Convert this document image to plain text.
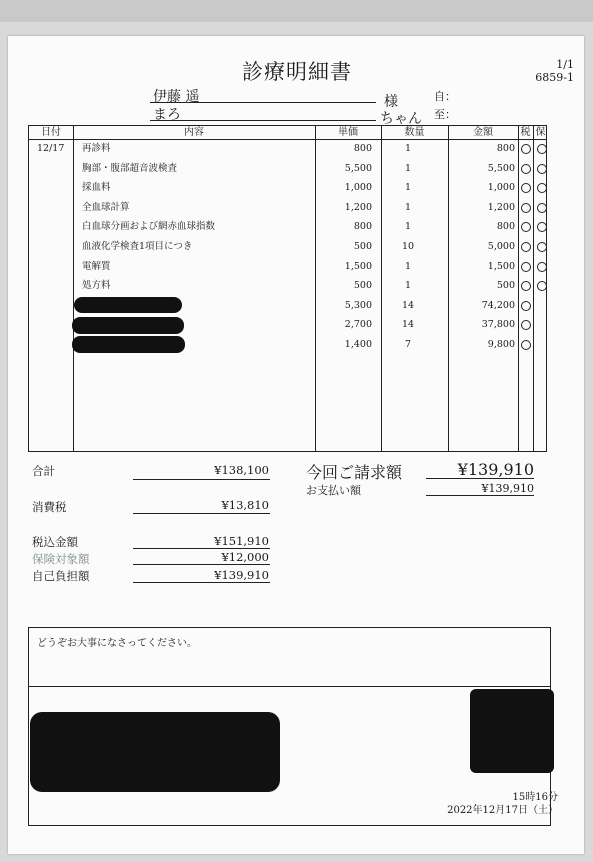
診療明細書	1/1
6859-1
伊藤 遥	様
まろ	ちゃん
自：
至：
日付	内容	単価	数量	金額	税 保
12/17 再診料	800	1	800
胸部・腹部超音波検査	5,500	1	5,500
採血料	1,000	1	1,000
全血球計算	1,200	1	1,200
白血球分画および網赤血球指数	800	1	800
血液化学検査1項目につき	500	10	5,000
電解質	1,500	1	1,500
処方料	500	1	500
5,300	14	74,200
2,700	14	37,800
1,400	7	9,800
合計	¥138,100
消費税	¥13,810
税込金額	¥151,910
保険対象額	¥12,000
自己負担額	¥139,910
今回ご請求額	¥139,910
お支払い額	¥139,910
どうぞお大事になさってください。
15時16分
2022年12月17日（土）
